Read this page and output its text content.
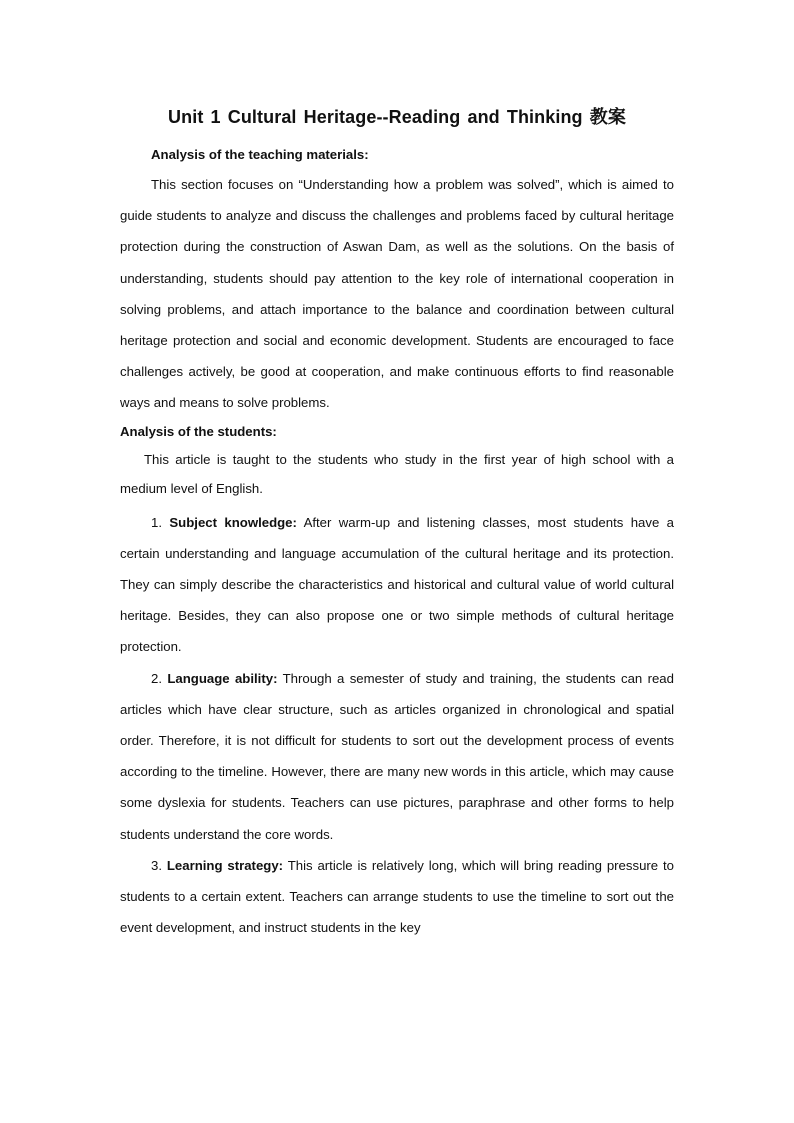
Unit 1 Cultural Heritage--Reading and Thinking 教案

Analysis of the teaching materials:

This section focuses on “Understanding how a problem was solved”, which is aimed to guide students to analyze and discuss the challenges and problems faced by cultural heritage protection during the construction of Aswan Dam, as well as the solutions. On the basis of understanding, students should pay attention to the key role of international cooperation in solving problems, and attach importance to the balance and coordination between cultural heritage protection and social and economic development. Students are encouraged to face challenges actively, be good at cooperation, and make continuous efforts to find reasonable ways and means to solve problems.

Analysis of the students:

This article is taught to the students who study in the first year of high school with a medium level of English.

1. Subject knowledge: After warm-up and listening classes, most students have a certain understanding and language accumulation of the cultural heritage and its protection. They can simply describe the characteristics and historical and cultural value of world cultural heritage. Besides, they can also propose one or two simple methods of cultural heritage protection.

2. Language ability: Through a semester of study and training, the students can read articles which have clear structure, such as articles organized in chronological and spatial order. Therefore, it is not difficult for students to sort out the development process of events according to the timeline. However, there are many new words in this article, which may cause some dyslexia for students. Teachers can use pictures, paraphrase and other forms to help students understand the core words.

3. Learning strategy: This article is relatively long, which will bring reading pressure to students to a certain extent. Teachers can arrange students to use the timeline to sort out the event development, and instruct students in the key
